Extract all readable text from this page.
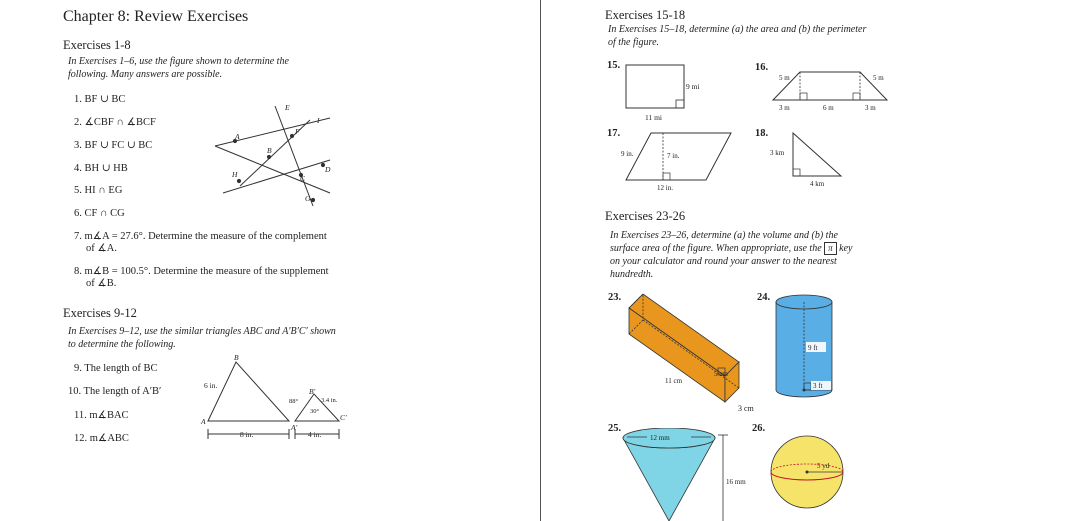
Chapter 8: Review Exercises
Exercises 1-8
In Exercises 1–6, use the figure shown to determine the following. Many answers are possible.
1. BF ∪ BC
2. ∡CBF ∩ ∡BCF
3. BF ∪ FC ∪ BC
4. BH ∪ HB
5. HI ∩ EG
6. CF ∩ CG
E
F
I
A
B
H	C
D
G
7. m∡A = 27.6°. Determine the measure of the complement
of ∡A.
8. m∡B = 100.5°. Determine the measure of the supplement
of ∡B.
Exercises 9-12
In Exercises 9–12, use the similar triangles ABC and A′B′C′ shown to determine the following.
9. The length of BC
10. The length of A′B′
11. m∡BAC
12. m∡ABC
B
A
6 in.
8 in.
B′
88°
30°
3.4 in.
C′
A′
4 in.
Exercises 15-18
In Exercises 15–18, determine (a) the area and (b) the perimeter of the figure.
15.
9 mi
11 mi
16.
5 m	5 m
3 m	6 m	3 m
17.
9 in.	7 in.
12 in.
18.
3 km
4 km
Exercises 23-26
In Exercises 23–26, determine (a) the volume and (b) the
surface area of the figure. When appropriate, use the π key
on your calculator and round your answer to the nearest
hundredth.
23.
11 cm
5 cm
3 cm
24.
9 ft
3 ft
25.
12 mm
16 mm
26.
5 yd
